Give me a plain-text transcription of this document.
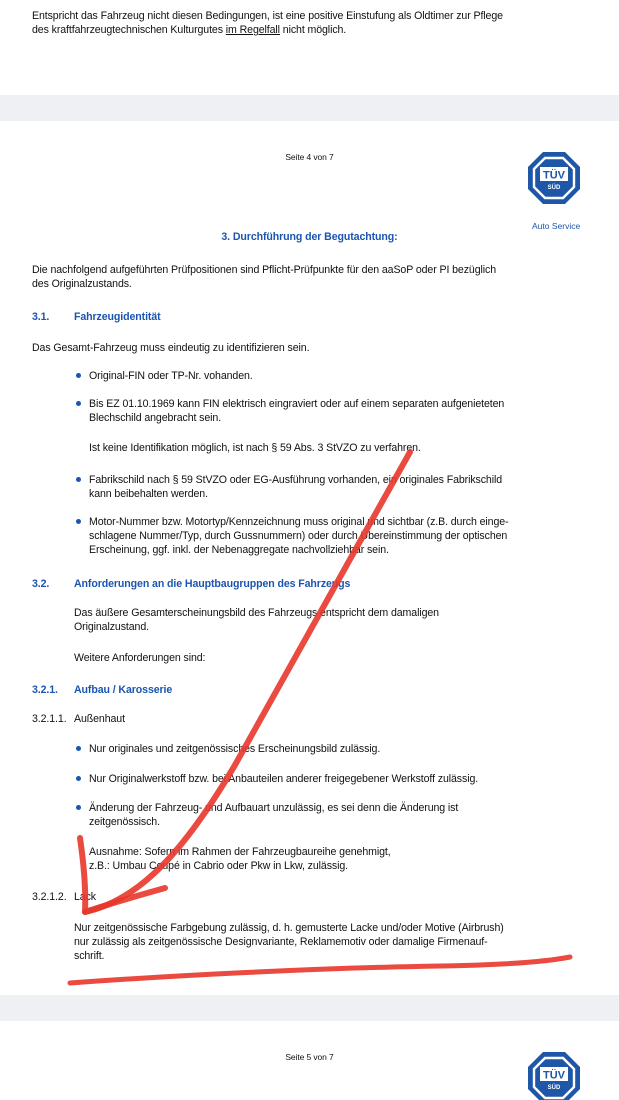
Entspricht das Fahrzeug nicht diesen Bedingungen, ist eine positive Einstufung als Oldtimer zur Pflege
des kraftfahrzeugtechnischen Kulturgutes im Regelfall nicht möglich.
Seite 4 von 7
TÜV
SÜD
Auto Service
3. Durchführung der Begutachtung:
Die nachfolgend aufgeführten Prüfpositionen sind Pflicht-Prüfpunkte für den aaSoP oder PI bezüglich
des Originalzustands.
3.1. Fahrzeugidentität
Das Gesamt-Fahrzeug muss eindeutig zu identifizieren sein.
Original-FIN oder TP-Nr. vohanden.
Bis EZ 01.10.1969 kann FIN elektrisch eingraviert oder auf einem separaten aufgenieteten
Blechschild angebracht sein.
Ist keine Identifikation möglich, ist nach § 59 Abs. 3 StVZO zu verfahren.
Fabrikschild nach § 59 StVZO oder EG-Ausführung vorhanden, ein originales Fabrikschild
kann beibehalten werden.
Motor-Nummer bzw. Motortyp/Kennzeichnung muss original und sichtbar (z.B. durch einge-
schlagene Nummer/Typ, durch Gussnummern) oder durch Übereinstimmung der optischen
Erscheinung, ggf. inkl. der Nebenaggregate nachvollziehbar sein.
3.2. Anforderungen an die Hauptbaugruppen des Fahrzeugs
Das äußere Gesamterscheinungsbild des Fahrzeugs entspricht dem damaligen
Originalzustand.
Weitere Anforderungen sind:
3.2.1. Aufbau / Karosserie
3.2.1.1. Außenhaut
Nur originales und zeitgenössisches Erscheinungsbild zulässig.
Nur Originalwerkstoff bzw. bei Anbauteilen anderer freigegebener Werkstoff zulässig.
Änderung der Fahrzeug- und Aufbauart unzulässig, es sei denn die Änderung ist
zeitgenössisch.
Ausnahme: Sofern im Rahmen der Fahrzeugbaureihe genehmigt,
z.B.: Umbau Coupé in Cabrio oder Pkw in Lkw, zulässig.
3.2.1.2. Lack
Nur zeitgenössische Farbgebung zulässig, d. h. gemusterte Lacke und/oder Motive (Airbrush)
nur zulässig als zeitgenössische Designvariante, Reklamemotiv oder damalige Firmenauf-
schrift.
Seite 5 von 7
TÜV
SÜD
